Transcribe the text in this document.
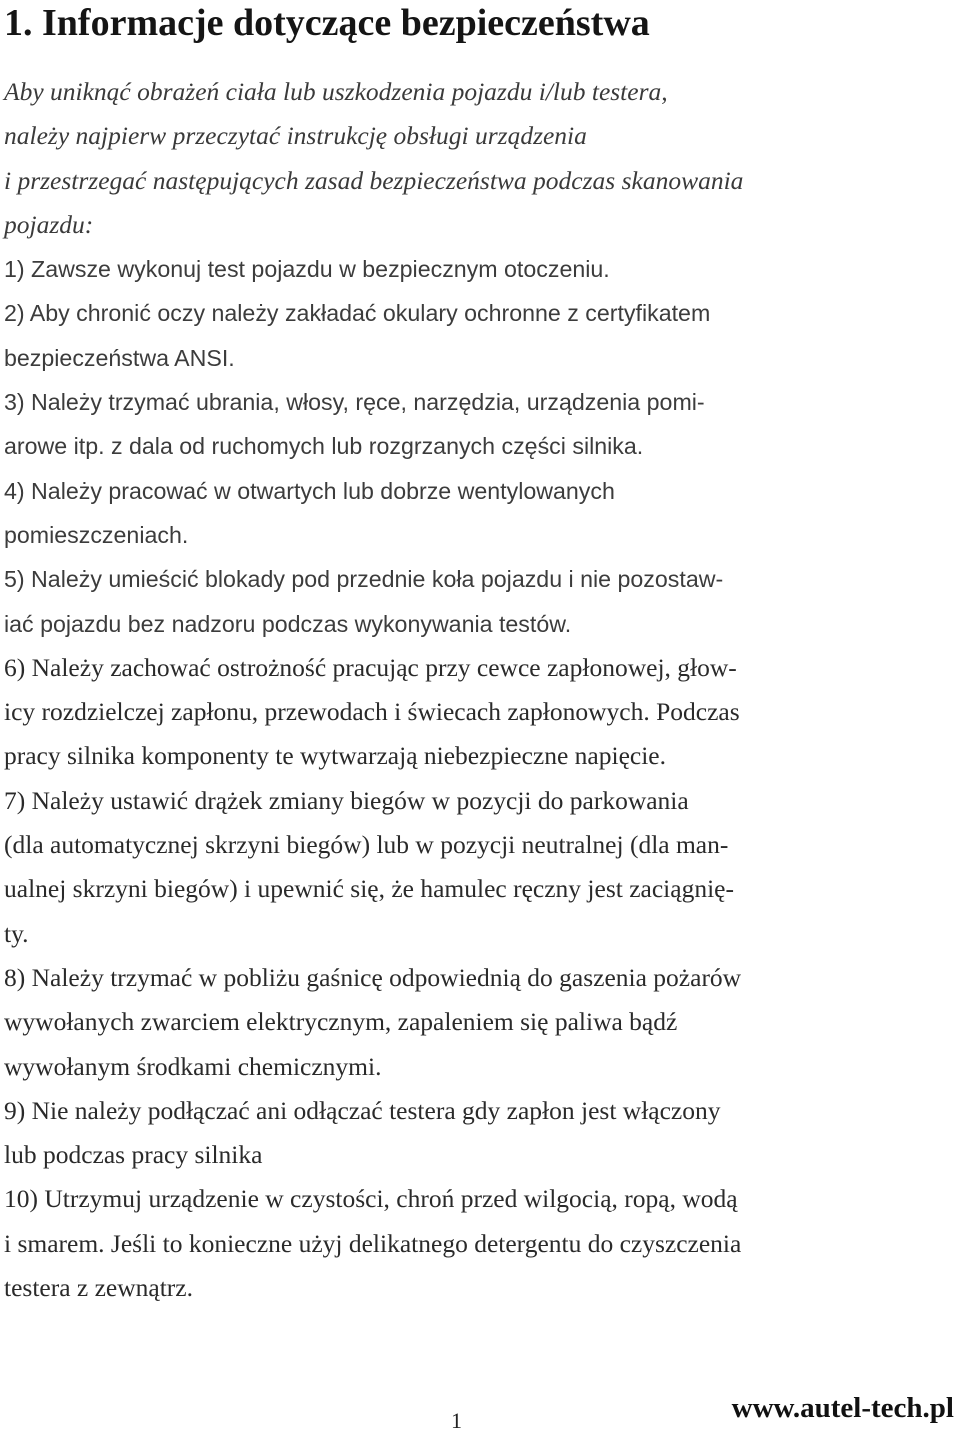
1. Informacje dotyczące bezpieczeństwa

Aby uniknąć obrażeń ciała lub uszkodzenia pojazdu i/lub testera,
należy najpierw przeczytać instrukcję obsługi urządzenia
i przestrzegać następujących zasad bezpieczeństwa podczas skanowania
pojazdu:

1) Zawsze wykonuj test pojazdu w bezpiecznym otoczeniu.

2) Aby chronić oczy należy zakładać okulary ochronne z certyfikatem
bezpieczeństwa ANSI.

3) Należy trzymać ubrania, włosy, ręce, narzędzia, urządzenia pomi-
arowe itp. z dala od ruchomych lub rozgrzanych części silnika.

4) Należy pracować w otwartych lub dobrze wentylowanych
pomieszczeniach.

5) Należy umieścić blokady pod przednie koła pojazdu i nie pozostaw-
iać pojazdu bez nadzoru podczas wykonywania testów.

6) Należy zachować ostrożność pracując przy cewce zapłonowej, głow-
icy rozdzielczej zapłonu, przewodach i świecach zapłonowych. Podczas
pracy silnika komponenty te wytwarzają niebezpieczne napięcie.

7) Należy ustawić drążek zmiany biegów w pozycji do parkowania
(dla automatycznej skrzyni biegów) lub w pozycji neutralnej (dla man-
ualnej skrzyni biegów) i upewnić się, że hamulec ręczny jest zaciągnię-
ty.

8) Należy trzymać w pobliżu gaśnicę odpowiednią do gaszenia pożarów
wywołanych zwarciem elektrycznym, zapaleniem się paliwa bądź
wywołanym środkami chemicznymi.

9) Nie należy podłączać ani odłączać testera gdy zapłon jest włączony
lub podczas pracy silnika

10) Utrzymuj urządzenie w czystości, chroń przed wilgocią, ropą, wodą
i smarem. Jeśli to konieczne użyj delikatnego detergentu do czyszczenia
testera z zewnątrz.

1	www.autel-tech.pl
